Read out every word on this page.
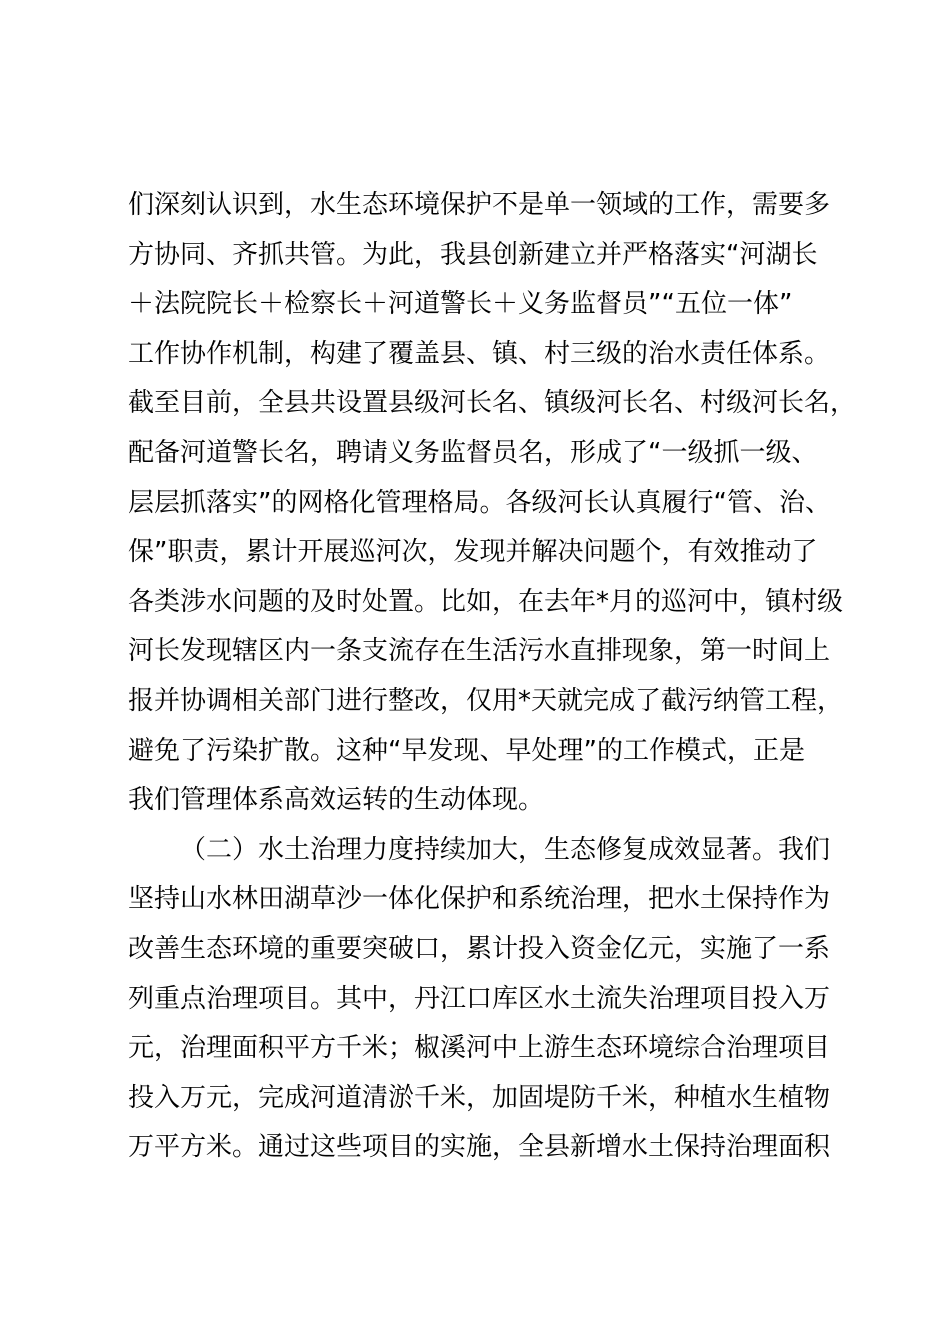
们深刻认识到，水生态环境保护不是单一领域的工作，需要多
方协同、齐抓共管。为此，我县创新建立并严格落实“河湖长
＋法院院长＋检察长＋河道警长＋义务监督员”“五位一体”
工作协作机制，构建了覆盖县、镇、村三级的治水责任体系。
截至目前，全县共设置县级河长名、镇级河长名、村级河长名，
配备河道警长名，聘请义务监督员名，形成了“一级抓一级、
层层抓落实”的网格化管理格局。各级河长认真履行“管、治、
保”职责，累计开展巡河次，发现并解决问题个，有效推动了
各类涉水问题的及时处置。比如，在去年*月的巡河中，镇村级
河长发现辖区内一条支流存在生活污水直排现象，第一时间上
报并协调相关部门进行整改，仅用*天就完成了截污纳管工程，
避免了污染扩散。这种“早发现、早处理”的工作模式，正是
我们管理体系高效运转的生动体现。
（二）水土治理力度持续加大，生态修复成效显著。我们
坚持山水林田湖草沙一体化保护和系统治理，把水土保持作为
改善生态环境的重要突破口，累计投入资金亿元，实施了一系
列重点治理项目。其中，丹江口库区水土流失治理项目投入万
元，治理面积平方千米；椒溪河中上游生态环境综合治理项目
投入万元，完成河道清淤千米，加固堤防千米，种植水生植物
万平方米。通过这些项目的实施，全县新增水土保持治理面积
